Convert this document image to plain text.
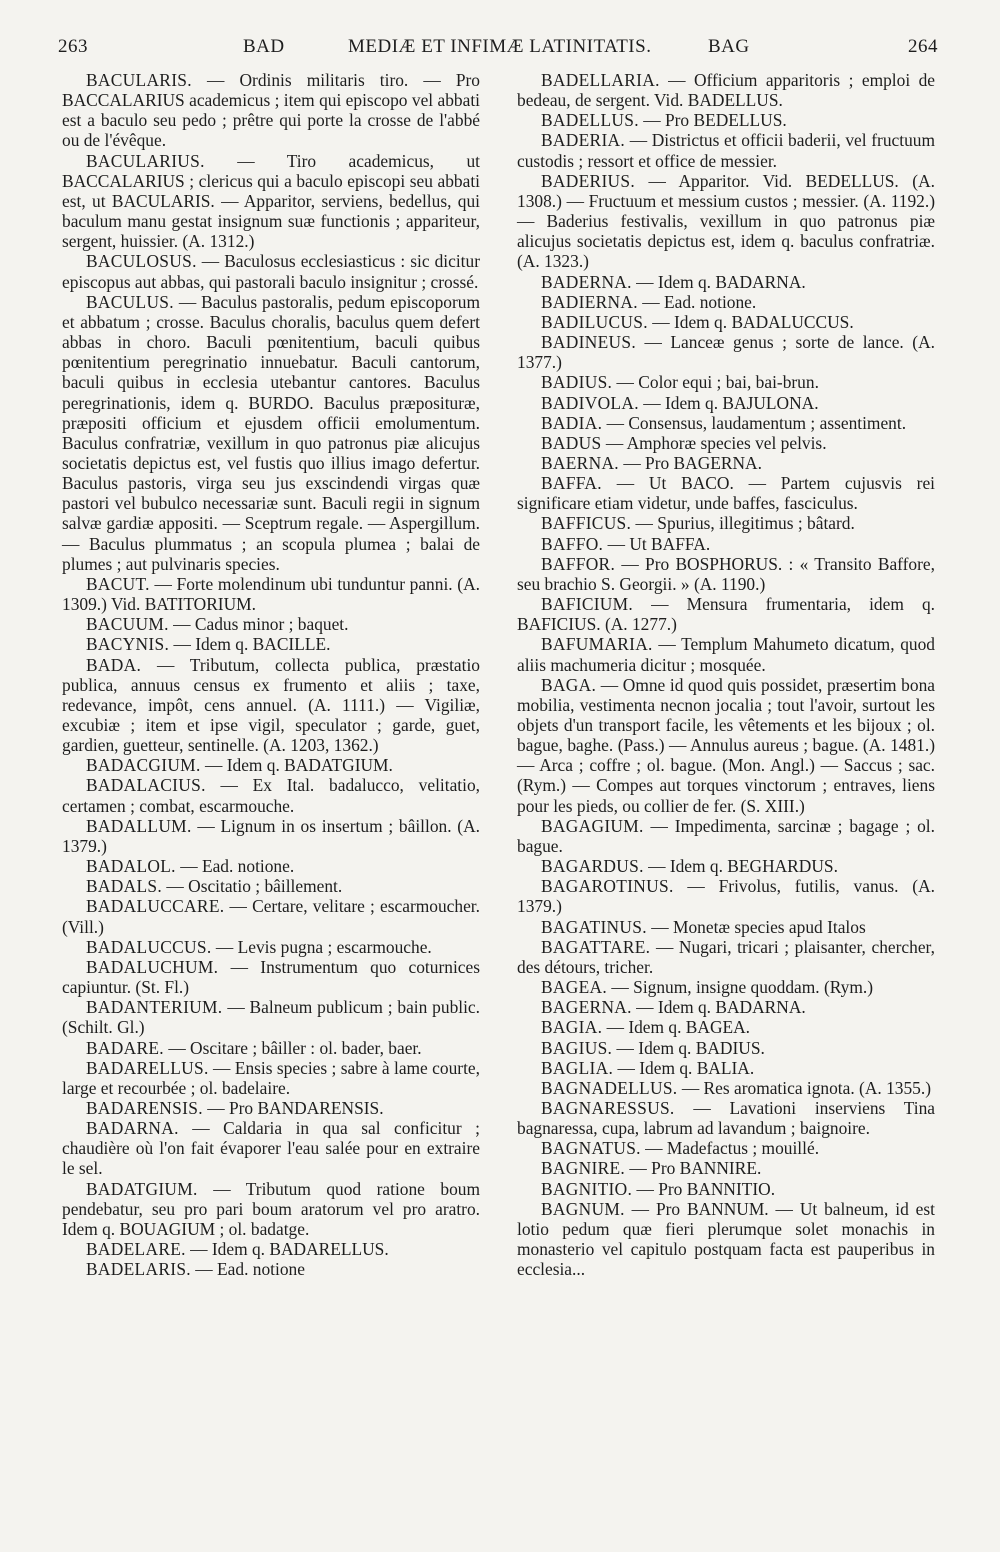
263	BAD	MEDIÆ ET INFIMÆ LATINITATIS.	BAG	264

BACULARIS. — Ordinis militaris tiro. — Pro BACCALARIUS academicus ; item qui episcopo vel abbati est a baculo seu pedo ; prêtre qui porte la crosse de l'abbé ou de l'évêque.

BACULARIUS. — Tiro academicus, ut BACCALARIUS ; clericus qui a baculo episcopi seu abbati est, ut BACULARIS. — Apparitor, serviens, bedellus, qui baculum manu gestat insignum suæ functionis ; appariteur, sergent, huissier. (A. 1312.)

BACULOSUS. — Baculosus ecclesiasticus : sic dicitur episcopus aut abbas, qui pastorali baculo insignitur ; crossé.

BACULUS. — Baculus pastoralis, pedum episcoporum et abbatum ; crosse. Baculus choralis, baculus quem defert abbas in choro. Baculi pœnitentium, baculi quibus pœnitentium peregrinatio innuebatur. Baculi cantorum, baculi quibus in ecclesia utebantur cantores. Baculus peregrinationis, idem q. BURDO. Baculus præposituræ, præpositi officium et ejusdem officii emolumentum. Baculus confratriæ, vexillum in quo patronus piæ alicujus societatis depictus est, vel fustis quo illius imago defertur. Baculus pastoris, virga seu jus exscindendi virgas quæ pastori vel bubulco necessariæ sunt. Baculi regii in signum salvæ gardiæ appositi. — Sceptrum regale. — Aspergillum. — Baculus plummatus ; an scopula plumea ; balai de plumes ; aut pulvinaris species.

BACUT. — Forte molendinum ubi tunduntur panni. (A. 1309.) Vid. BATITORIUM.

BACUUM. — Cadus minor ; baquet.

BACYNIS. — Idem q. BACILLE.

BADA. — Tributum, collecta publica, præstatio publica, annuus census ex frumento et aliis ; taxe, redevance, impôt, cens annuel. (A. 1111.) — Vigiliæ, excubiæ ; item et ipse vigil, speculator ; garde, guet, gardien, guetteur, sentinelle. (A. 1203, 1362.)

BADACGIUM. — Idem q. BADATGIUM.

BADALACIUS. — Ex Ital. badalucco, velitatio, certamen ; combat, escarmouche.

BADALLUM. — Lignum in os insertum ; bâillon. (A. 1379.)

BADALOL. — Ead. notione.

BADALS. — Oscitatio ; bâillement.

BADALUCCARE. — Certare, velitare ; escarmoucher. (Vill.)

BADALUCCUS. — Levis pugna ; escarmouche.

BADALUCHUM. — Instrumentum quo coturnices capiuntur. (St. Fl.)

BADANTERIUM. — Balneum publicum ; bain public. (Schilt. Gl.)

BADARE. — Oscitare ; bâiller : ol. bader, baer.

BADARELLUS. — Ensis species ; sabre à lame courte, large et recourbée ; ol. badelaire.

BADARENSIS. — Pro BANDARENSIS.

BADARNA. — Caldaria in qua sal conficitur ; chaudière où l'on fait évaporer l'eau salée pour en extraire le sel.

BADATGIUM. — Tributum quod ratione boum pendebatur, seu pro pari boum aratorum vel pro aratro. Idem q. BOUAGIUM ; ol. badatge.

BADELARE. — Idem q. BADARELLUS.

BADELARIS. — Ead. notione

BADELLARIA. — Officium apparitoris ; emploi de bedeau, de sergent. Vid. BADELLUS.

BADELLUS. — Pro BEDELLUS.

BADERIA. — Districtus et officii baderii, vel fructuum custodis ; ressort et office de messier.

BADERIUS. — Apparitor. Vid. BEDELLUS. (A. 1308.) — Fructuum et messium custos ; messier. (A. 1192.) — Baderius festivalis, vexillum in quo patronus piæ alicujus societatis depictus est, idem q. baculus confratriæ. (A. 1323.)

BADERNA. — Idem q. BADARNA.

BADIERNA. — Ead. notione.

BADILUCUS. — Idem q. BADALUCCUS.

BADINEUS. — Lanceæ genus ; sorte de lance. (A. 1377.)

BADIUS. — Color equi ; bai, bai-brun.

BADIVOLA. — Idem q. BAJULONA.

BADIA. — Consensus, laudamentum ; assentiment.

BADUS — Amphoræ species vel pelvis.

BAERNA. — Pro BAGERNA.

BAFFA. — Ut BACO. — Partem cujusvis rei significare etiam videtur, unde baffes, fasciculus.

BAFFICUS. — Spurius, illegitimus ; bâtard.

BAFFO. — Ut BAFFA.

BAFFOR. — Pro BOSPHORUS. : « Transito Baffore, seu brachio S. Georgii. » (A. 1190.)

BAFICIUM. — Mensura frumentaria, idem q. BAFICIUS. (A. 1277.)

BAFUMARIA. — Templum Mahumeto dicatum, quod aliis machumeria dicitur ; mosquée.

BAGA. — Omne id quod quis possidet, præsertim bona mobilia, vestimenta necnon jocalia ; tout l'avoir, surtout les objets d'un transport facile, les vêtements et les bijoux ; ol. bague, baghe. (Pass.) — Annulus aureus ; bague. (A. 1481.) — Arca ; coffre ; ol. bague. (Mon. Angl.) — Saccus ; sac. (Rym.) — Compes aut torques vinctorum ; entraves, liens pour les pieds, ou collier de fer. (S. XIII.)

BAGAGIUM. — Impedimenta, sarcinæ ; bagage ; ol. bague.

BAGARDUS. — Idem q. BEGHARDUS.

BAGAROTINUS. — Frivolus, futilis, vanus. (A. 1379.)

BAGATINUS. — Monetæ species apud Italos

BAGATTARE. — Nugari, tricari ; plaisanter, chercher, des détours, tricher.

BAGEA. — Signum, insigne quoddam. (Rym.)

BAGERNA. — Idem q. BADARNA.

BAGIA. — Idem q. BAGEA.

BAGIUS. — Idem q. BADIUS.

BAGLIA. — Idem q. BALIA.

BAGNADELLUS. — Res aromatica ignota. (A. 1355.)

BAGNARESSUS. — Lavationi inserviens Tina bagnaressa, cupa, labrum ad lavandum ; baignoire.

BAGNATUS. — Madefactus ; mouillé.

BAGNIRE. — Pro BANNIRE.

BAGNITIO. — Pro BANNITIO.

BAGNUM. — Pro BANNUM. — Ut balneum, id est lotio pedum quæ fieri plerumque solet monachis in monasterio vel capitulo postquam facta est pauperibus in ecclesia...
